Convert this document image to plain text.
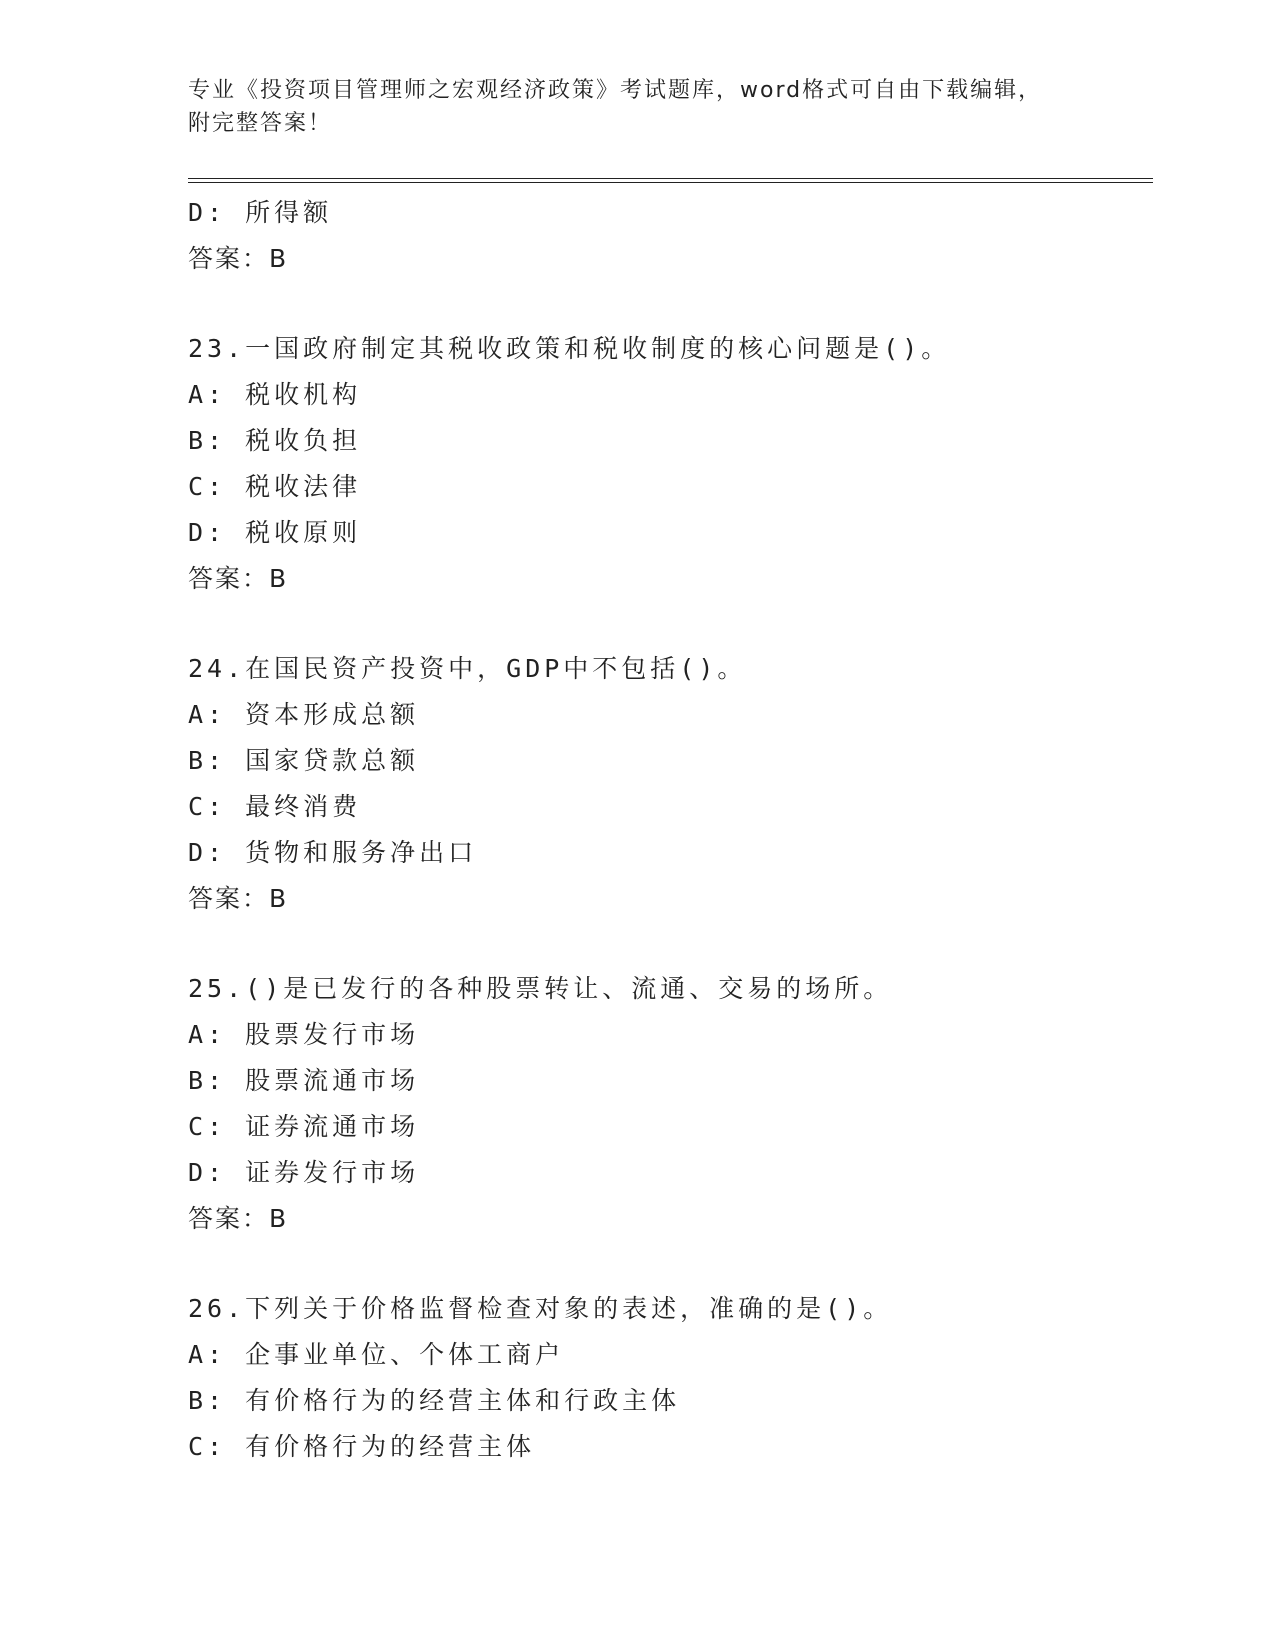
专业《投资项目管理师之宏观经济政策》考试题库，word格式可自由下载编辑，
附完整答案！
D: 所得额
答案：B
23.一国政府制定其税收政策和税收制度的核心问题是()。
A: 税收机构
B: 税收负担
C: 税收法律
D: 税收原则
答案：B
24.在国民资产投资中，GDP中不包括()。
A: 资本形成总额
B: 国家贷款总额
C: 最终消费
D: 货物和服务净出口
答案：B
25.()是已发行的各种股票转让、流通、交易的场所。
A: 股票发行市场
B: 股票流通市场
C: 证券流通市场
D: 证券发行市场
答案：B
26.下列关于价格监督检查对象的表述，准确的是()。
A: 企事业单位、个体工商户
B: 有价格行为的经营主体和行政主体
C: 有价格行为的经营主体
